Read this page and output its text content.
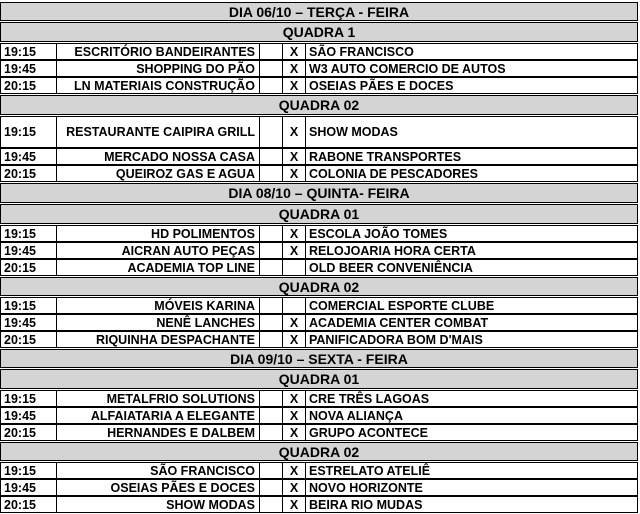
DIA 06/10 – TERÇA - FEIRA
QUADRA 1
19:15	ESCRITÓRIO BANDEIRANTES	X SÃO FRANCISCO
19:45	SHOPPING DO PÃO	X W3 AUTO COMERCIO DE AUTOS
20:15	LN MATERIAIS CONSTRUÇÃO	X OSEIAS PÃES E DOCES
QUADRA 02
19:15	RESTAURANTE CAIPIRA GRILL	X SHOW MODAS
19:45	MERCADO NOSSA CASA	X RABONE TRANSPORTES
20:15	QUEIROZ GAS E AGUA	X COLONIA DE PESCADORES
DIA 08/10 – QUINTA- FEIRA
QUADRA 01
19:15	HD POLIMENTOS	X ESCOLA JOÃO TOMES
19:45	AICRAN AUTO PEÇAS	X RELOJOARIA HORA CERTA
20:15	ACADEMIA TOP LINE	OLD BEER CONVENIÊNCIA
QUADRA 02
19:15	MÓVEIS KARINA	COMERCIAL ESPORTE CLUBE
19:45	NENÊ LANCHES	X ACADEMIA CENTER COMBAT
20:15	RIQUINHA DESPACHANTE	X PANIFICADORA BOM D'MAIS
DIA 09/10 – SEXTA - FEIRA
QUADRA 01
19:15	METALFRIO SOLUTIONS	X CRE TRÊS LAGOAS
19:45	ALFAIATARIA A ELEGANTE	X NOVA ALIANÇA
20:15	HERNANDES E DALBEM	X GRUPO ACONTECE
QUADRA 02
19:15	SÃO FRANCISCO	X ESTRELATO ATELIÊ
19:45	OSEIAS PÃES E DOCES	X NOVO HORIZONTE
20:15	SHOW MODAS	X BEIRA RIO MUDAS
